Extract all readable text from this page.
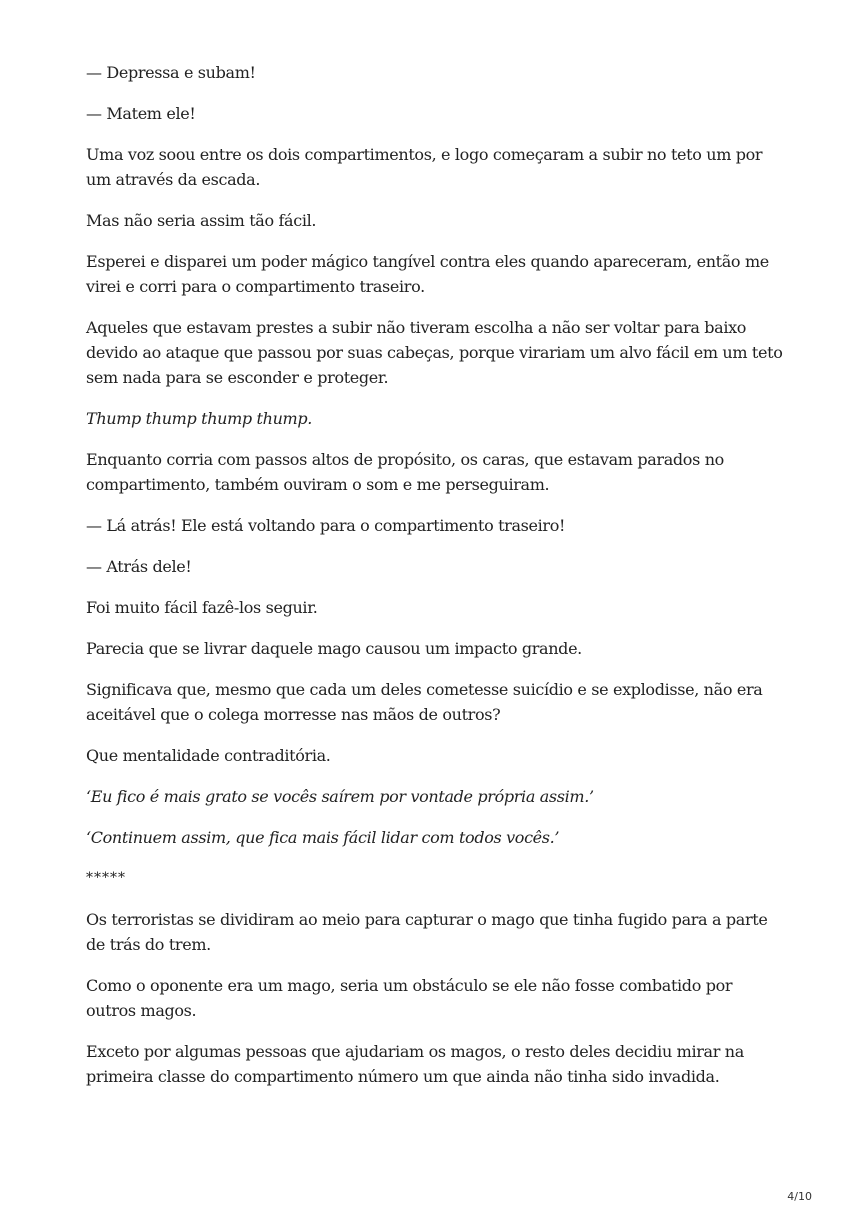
— Depressa e subam!

— Matem ele!

Uma voz soou entre os dois compartimentos, e logo começaram a subir no teto um por um através da escada.

Mas não seria assim tão fácil.

Esperei e disparei um poder mágico tangível contra eles quando apareceram, então me virei e corri para o compartimento traseiro.

Aqueles que estavam prestes a subir não tiveram escolha a não ser voltar para baixo devido ao ataque que passou por suas cabeças, porque virariam um alvo fácil em um teto sem nada para se esconder e proteger.

Thump thump thump thump.

Enquanto corria com passos altos de propósito, os caras, que estavam parados no compartimento, também ouviram o som e me perseguiram.

— Lá atrás! Ele está voltando para o compartimento traseiro!

— Atrás dele!

Foi muito fácil fazê-los seguir.

Parecia que se livrar daquele mago causou um impacto grande.

Significava que, mesmo que cada um deles cometesse suicídio e se explodisse, não era aceitável que o colega morresse nas mãos de outros?

Que mentalidade contraditória.

‘Eu fico é mais grato se vocês saírem por vontade própria assim.’

‘Continuem assim, que fica mais fácil lidar com todos vocês.’

*****

Os terroristas se dividiram ao meio para capturar o mago que tinha fugido para a parte de trás do trem.

Como o oponente era um mago, seria um obstáculo se ele não fosse combatido por outros magos.

Exceto por algumas pessoas que ajudariam os magos, o resto deles decidiu mirar na primeira classe do compartimento número um que ainda não tinha sido invadida.

4/10
